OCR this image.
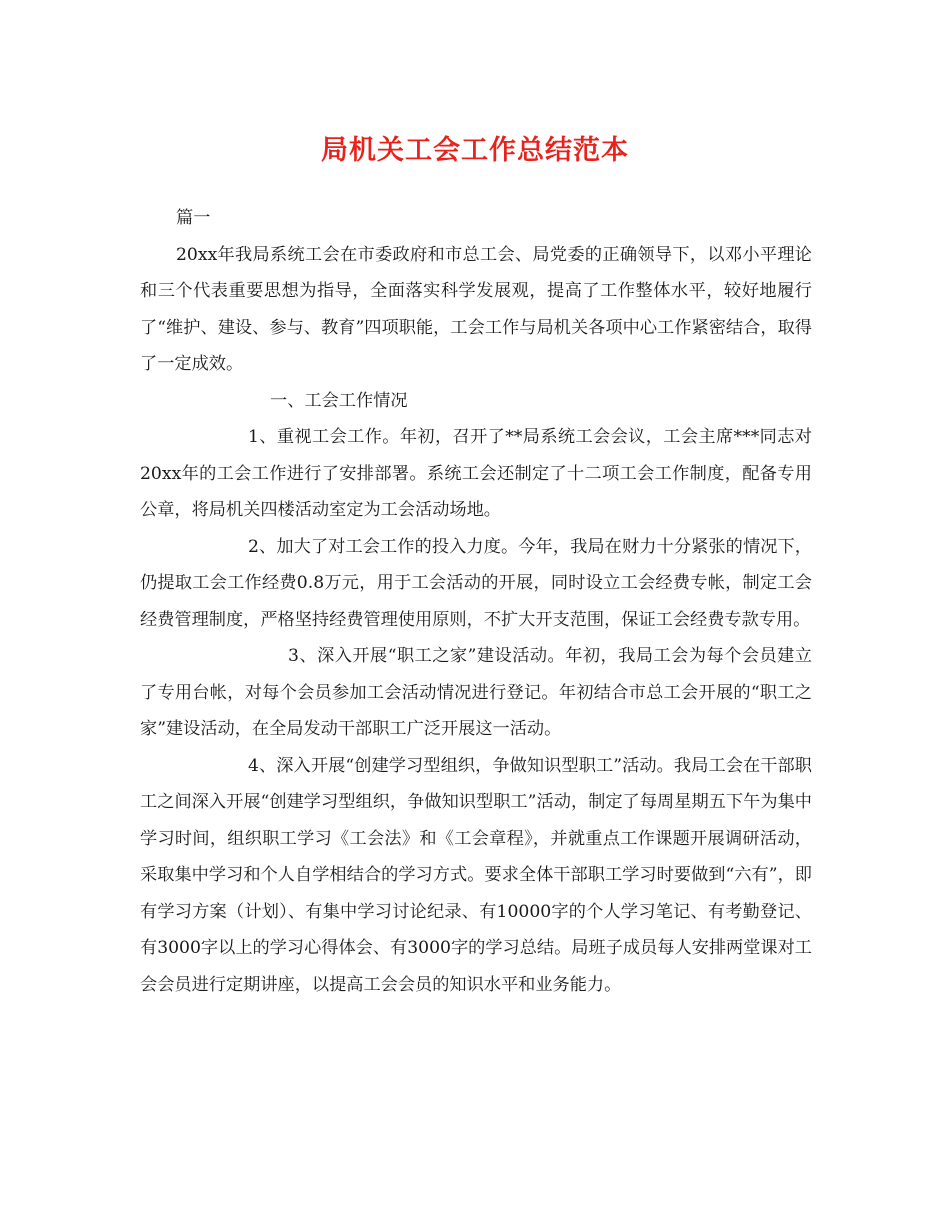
局机关工会工作总结范本

篇一

20xx年我局系统工会在市委政府和市总工会、局党委的正确领导下，以邓小平理论和三个代表重要思想为指导，全面落实科学发展观，提高了工作整体水平，较好地履行了“维护、建设、参与、教育”四项职能，工会工作与局机关各项中心工作紧密结合，取得了一定成效。

一、工会工作情况

1、重视工会工作。年初，召开了**局系统工会会议，工会主席***同志对20xx年的工会工作进行了安排部署。系统工会还制定了十二项工会工作制度，配备专用公章，将局机关四楼活动室定为工会活动场地。

2、加大了对工会工作的投入力度。今年，我局在财力十分紧张的情况下，仍提取工会工作经费0.8万元，用于工会活动的开展，同时设立工会经费专帐，制定工会经费管理制度，严格坚持经费管理使用原则，不扩大开支范围，保证工会经费专款专用。

3、深入开展“职工之家”建设活动。年初，我局工会为每个会员建立了专用台帐，对每个会员参加工会活动情况进行登记。年初结合市总工会开展的“职工之家”建设活动，在全局发动干部职工广泛开展这一活动。

4、深入开展“创建学习型组织，争做知识型职工”活动。我局工会在干部职工之间深入开展“创建学习型组织，争做知识型职工”活动，制定了每周星期五下午为集中学习时间，组织职工学习《工会法》和《工会章程》，并就重点工作课题开展调研活动，采取集中学习和个人自学相结合的学习方式。要求全体干部职工学习时要做到“六有”，即有学习方案（计划）、有集中学习讨论纪录、有10000字的个人学习笔记、有考勤登记、有3000字以上的学习心得体会、有3000字的学习总结。局班子成员每人安排两堂课对工会会员进行定期讲座，以提高工会会员的知识水平和业务能力。
